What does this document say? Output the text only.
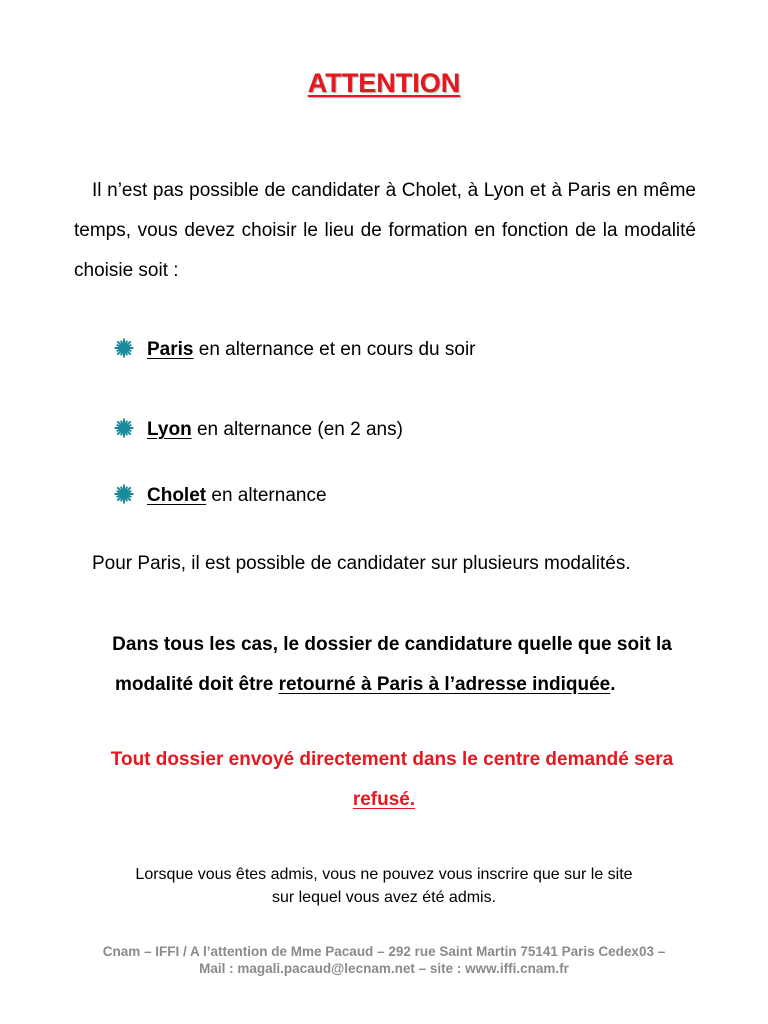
ATTENTION
Il n’est pas possible de candidater à Cholet, à Lyon et à Paris en même temps, vous devez choisir le lieu de formation en fonction de la modalité choisie soit :
Paris en alternance et en cours du soir
Lyon en alternance (en 2 ans)
Cholet en alternance
Pour Paris, il est possible de candidater sur plusieurs modalités.
Dans tous les cas, le dossier de candidature quelle que soit la
modalité doit être retourné à Paris à l’adresse indiquée.
Tout dossier envoyé directement dans le centre demandé sera
refusé.
Lorsque vous êtes admis, vous ne pouvez vous inscrire que sur le site
sur lequel vous avez été admis.
Cnam – IFFI / A l’attention de Mme Pacaud – 292 rue Saint Martin 75141 Paris Cedex03 –
Mail : magali.pacaud@lecnam.net – site : www.iffi.cnam.fr
